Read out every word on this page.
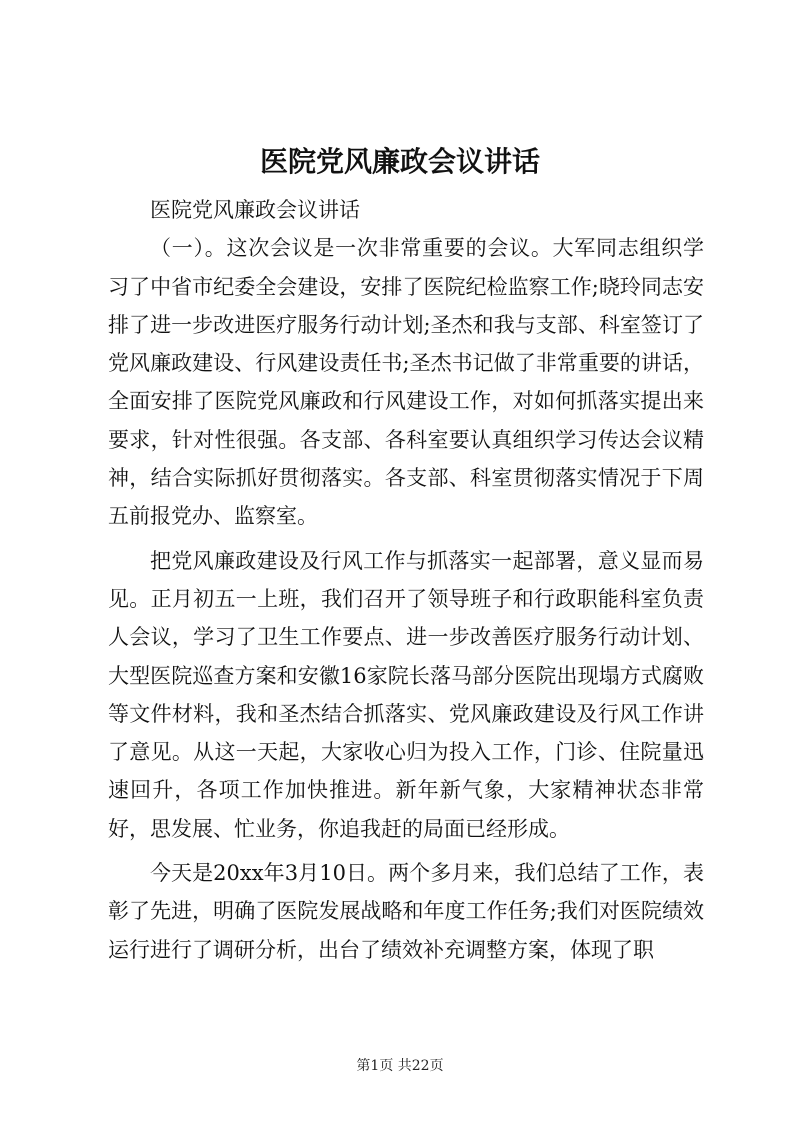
医院党风廉政会议讲话

医院党风廉政会议讲话

（一）。这次会议是一次非常重要的会议。大军同志组织学习了中省市纪委全会建设，安排了医院纪检监察工作;晓玲同志安排了进一步改进医疗服务行动计划;圣杰和我与支部、科室签订了党风廉政建设、行风建设责任书;圣杰书记做了非常重要的讲话，全面安排了医院党风廉政和行风建设工作，对如何抓落实提出来要求，针对性很强。各支部、各科室要认真组织学习传达会议精神，结合实际抓好贯彻落实。各支部、科室贯彻落实情况于下周五前报党办、监察室。

把党风廉政建设及行风工作与抓落实一起部署，意义显而易见。正月初五一上班，我们召开了领导班子和行政职能科室负责人会议，学习了卫生工作要点、进一步改善医疗服务行动计划、大型医院巡查方案和安徽16家院长落马部分医院出现塌方式腐败等文件材料，我和圣杰结合抓落实、党风廉政建设及行风工作讲了意见。从这一天起，大家收心归为投入工作，门诊、住院量迅速回升，各项工作加快推进。新年新气象，大家精神状态非常好，思发展、忙业务，你追我赶的局面已经形成。

今天是20xx年3月10日。两个多月来，我们总结了工作，表彰了先进，明确了医院发展战略和年度工作任务;我们对医院绩效运行进行了调研分析，出台了绩效补充调整方案，体现了职

第1页 共22页
